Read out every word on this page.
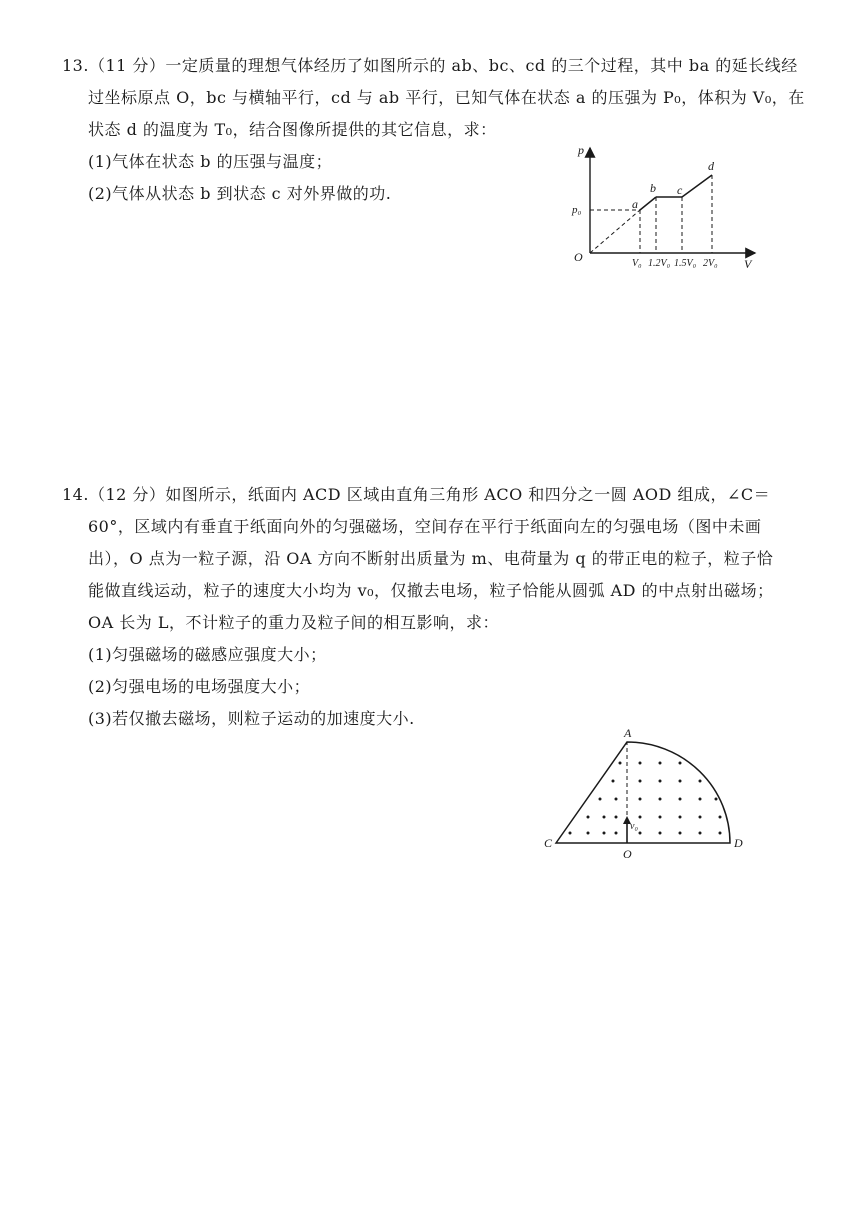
13.（11 分）一定质量的理想气体经历了如图所示的 ab、bc、cd 的三个过程，其中 ba 的延长线经
过坐标原点 O，bc 与横轴平行，cd 与 ab 平行，已知气体在状态 a 的压强为 P₀，体积为 V₀，在
状态 d 的温度为 T₀，结合图像所提供的其它信息，求：
(1)气体在状态 b 的压强与温度；
(2)气体从状态 b 到状态 c 对外界做的功.
p
V
O
p₀	a
b c
d
V₀ 1.2V₀ 1.5V₀ 2V₀
14.（12 分）如图所示，纸面内 ACD 区域由直角三角形 ACO 和四分之一圆 AOD 组成，∠C＝
60°，区域内有垂直于纸面向外的匀强磁场，空间存在平行于纸面向左的匀强电场（图中未画
出），O 点为一粒子源，沿 OA 方向不断射出质量为 m、电荷量为 q 的带正电的粒子，粒子恰
能做直线运动，粒子的速度大小均为 v₀，仅撤去电场，粒子恰能从圆弧 AD 的中点射出磁场；
OA 长为 L，不计粒子的重力及粒子间的相互影响，求：
(1)匀强磁场的磁感应强度大小；
(2)匀强电场的电场强度大小；
(3)若仅撤去磁场，则粒子运动的加速度大小.
v₀
A
C
O
D
